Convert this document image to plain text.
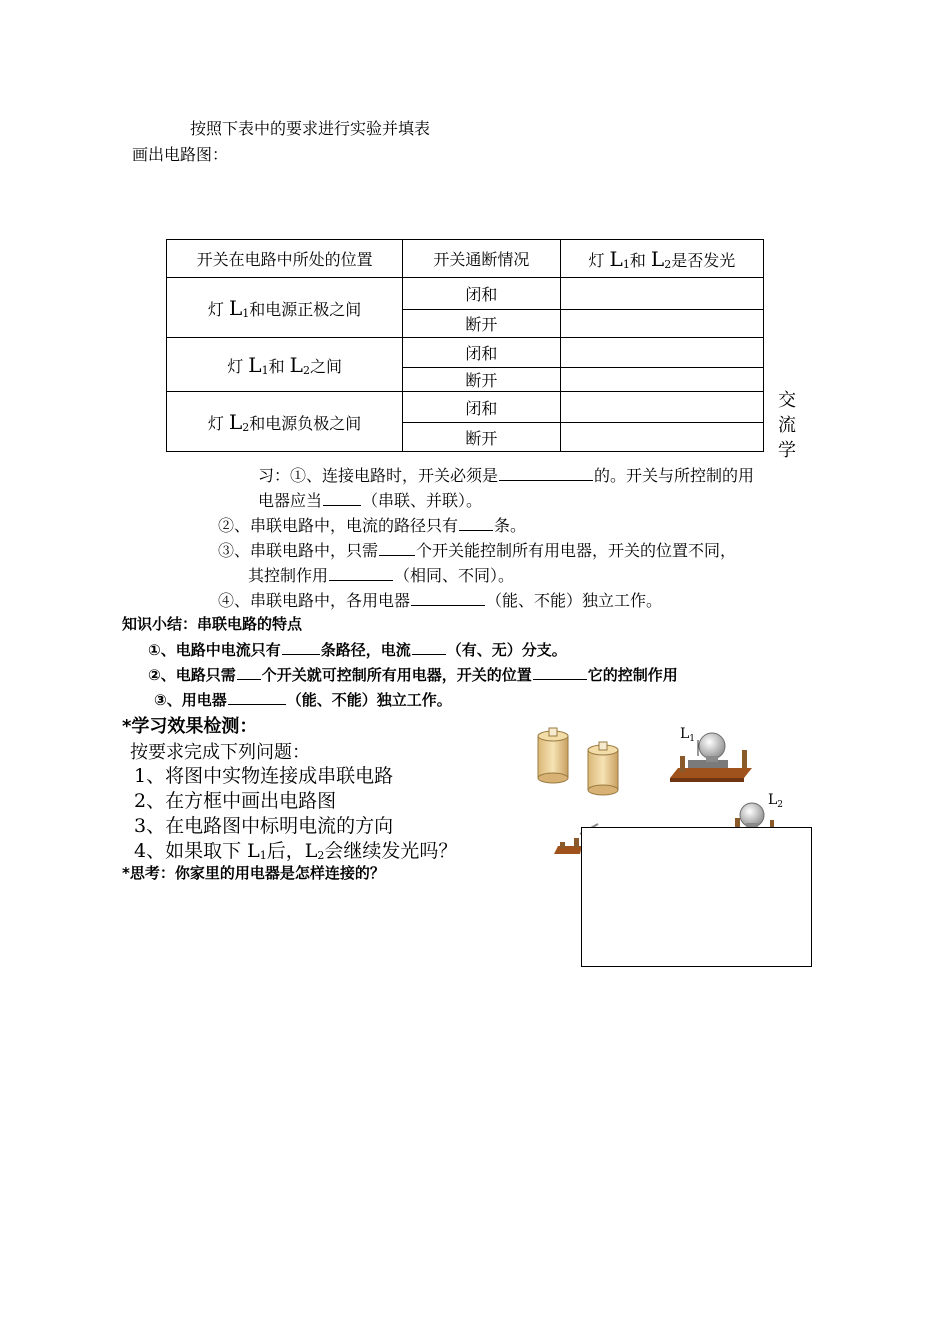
按照下表中的要求进行实验并填表
画出电路图：
开关在电路中所处的位置	开关通断情况	灯 $L_1$和 $L_2$是否发光
灯 $L_1$和电源正极之间	闭和	
	断开	
灯 $L_1$和 $L_2$之间	闭和	
	断开	
灯 $L_2$和电源负极之间	闭和	
	断开	
交
流
学
习：①、连接电路时，开关必须是	的。开关与所控制的用
电器应当	（串联、并联）。
②、串联电路中，电流的路径只有 条。
③、串联电路中，只需 个开关能控制所有用电器，开关的位置不同，
其控制作用	（相同、不同）。
④、串联电路中，各用电器	（能、不能）独立工作。
知识小结：串联电路的特点
①、电路中电流只有	条路径，电流 （有、无）分支。
②、电路只需 个开关就可控制所有用电器，开关的位置	它的控制作用
③、用电器	（能、不能）独立工作。
*学习效果检测：
按要求完成下列问题：
1、将图中实物连接成串联电路
2、在方框中画出电路图
3、在电路图中标明电流的方向
4、如果取下 $L_1$后，$L_2$会继续发光吗？
*思考：你家里的用电器是怎样连接的？
$L_1$
$L_2$
